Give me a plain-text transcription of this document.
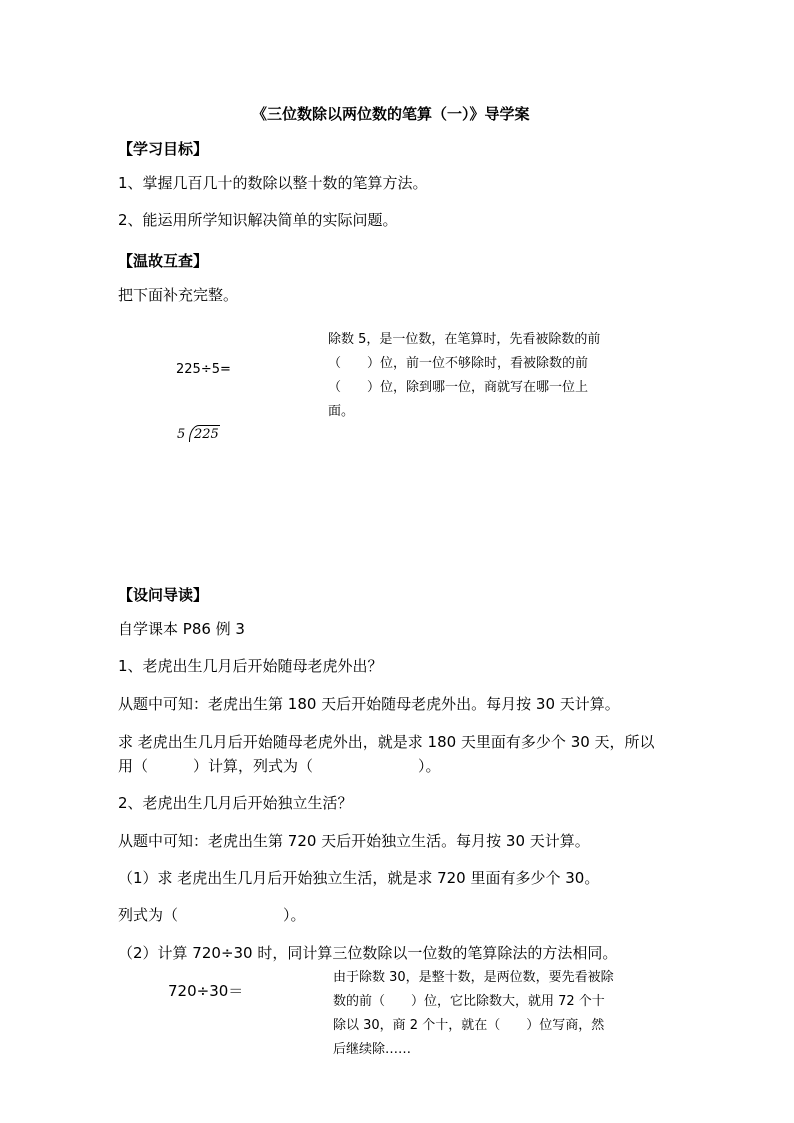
《三位数除以两位数的笔算（一）》导学案
【学习目标】
1、掌握几百几十的数除以整十数的笔算方法。
2、能运用所学知识解决简单的实际问题。
【温故互查】
把下面补充完整。
225÷5=
5 225
除数 5，是一位数，在笔算时，先看被除数的前
（　　）位，前一位不够除时，看被除数的前
（　　）位，除到哪一位，商就写在哪一位上
面。
【设问导读】
自学课本 P86 例 3
1、老虎出生几月后开始随母老虎外出？
从题中可知：老虎出生第 180 天后开始随母老虎外出。每月按 30 天计算。
求 老虎出生几月后开始随母老虎外出，就是求 180 天里面有多少个 30 天，所以
用（　　　）计算，列式为（　　　　　　　）。
2、老虎出生几月后开始独立生活？
从题中可知：老虎出生第 720 天后开始独立生活。每月按 30 天计算。
（1）求 老虎出生几月后开始独立生活，就是求 720 里面有多少个 30。
列式为（　　　　　　　）。
（2）计算 720÷30 时，同计算三位数除以一位数的笔算除法的方法相同。
720÷30＝
由于除数 30，是整十数，是两位数，要先看被除
数的前（　　）位，它比除数大，就用 72 个十
除以 30，商 2 个十，就在（　　）位写商，然
后继续除……
